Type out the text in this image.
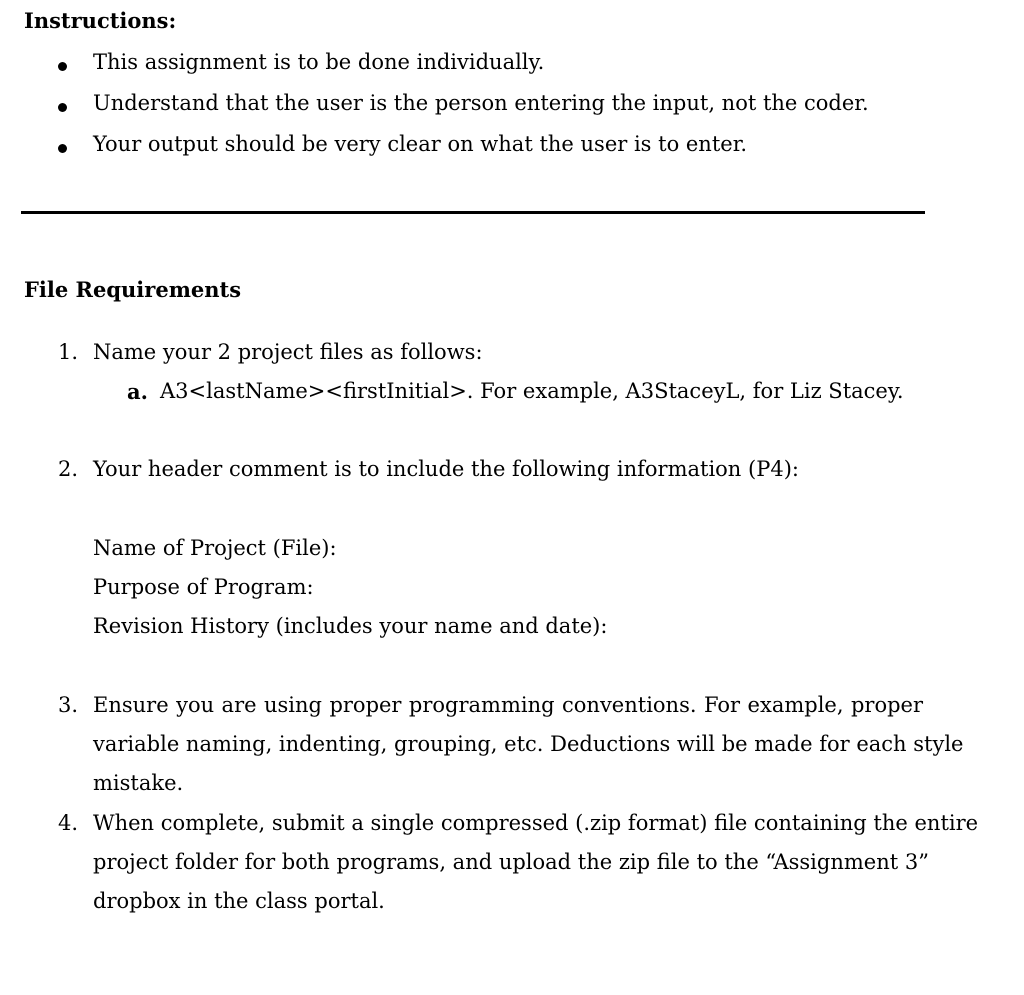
Instructions:
This assignment is to be done individually.
Understand that the user is the person entering the input, not the coder.
Your output should be very clear on what the user is to enter.
File Requirements
1. Name your 2 project files as follows:
a. A3<lastName><firstInitial>. For example, A3StaceyL, for Liz Stacey.
2. Your header comment is to include the following information (P4):
Name of Project (File):
Purpose of Program:
Revision History (includes your name and date):
3. Ensure you are using proper programming conventions. For example, proper
variable naming, indenting, grouping, etc. Deductions will be made for each style
mistake.
4. When complete, submit a single compressed (.zip format) file containing the entire
project folder for both programs, and upload the zip file to the “Assignment 3”
dropbox in the class portal.
